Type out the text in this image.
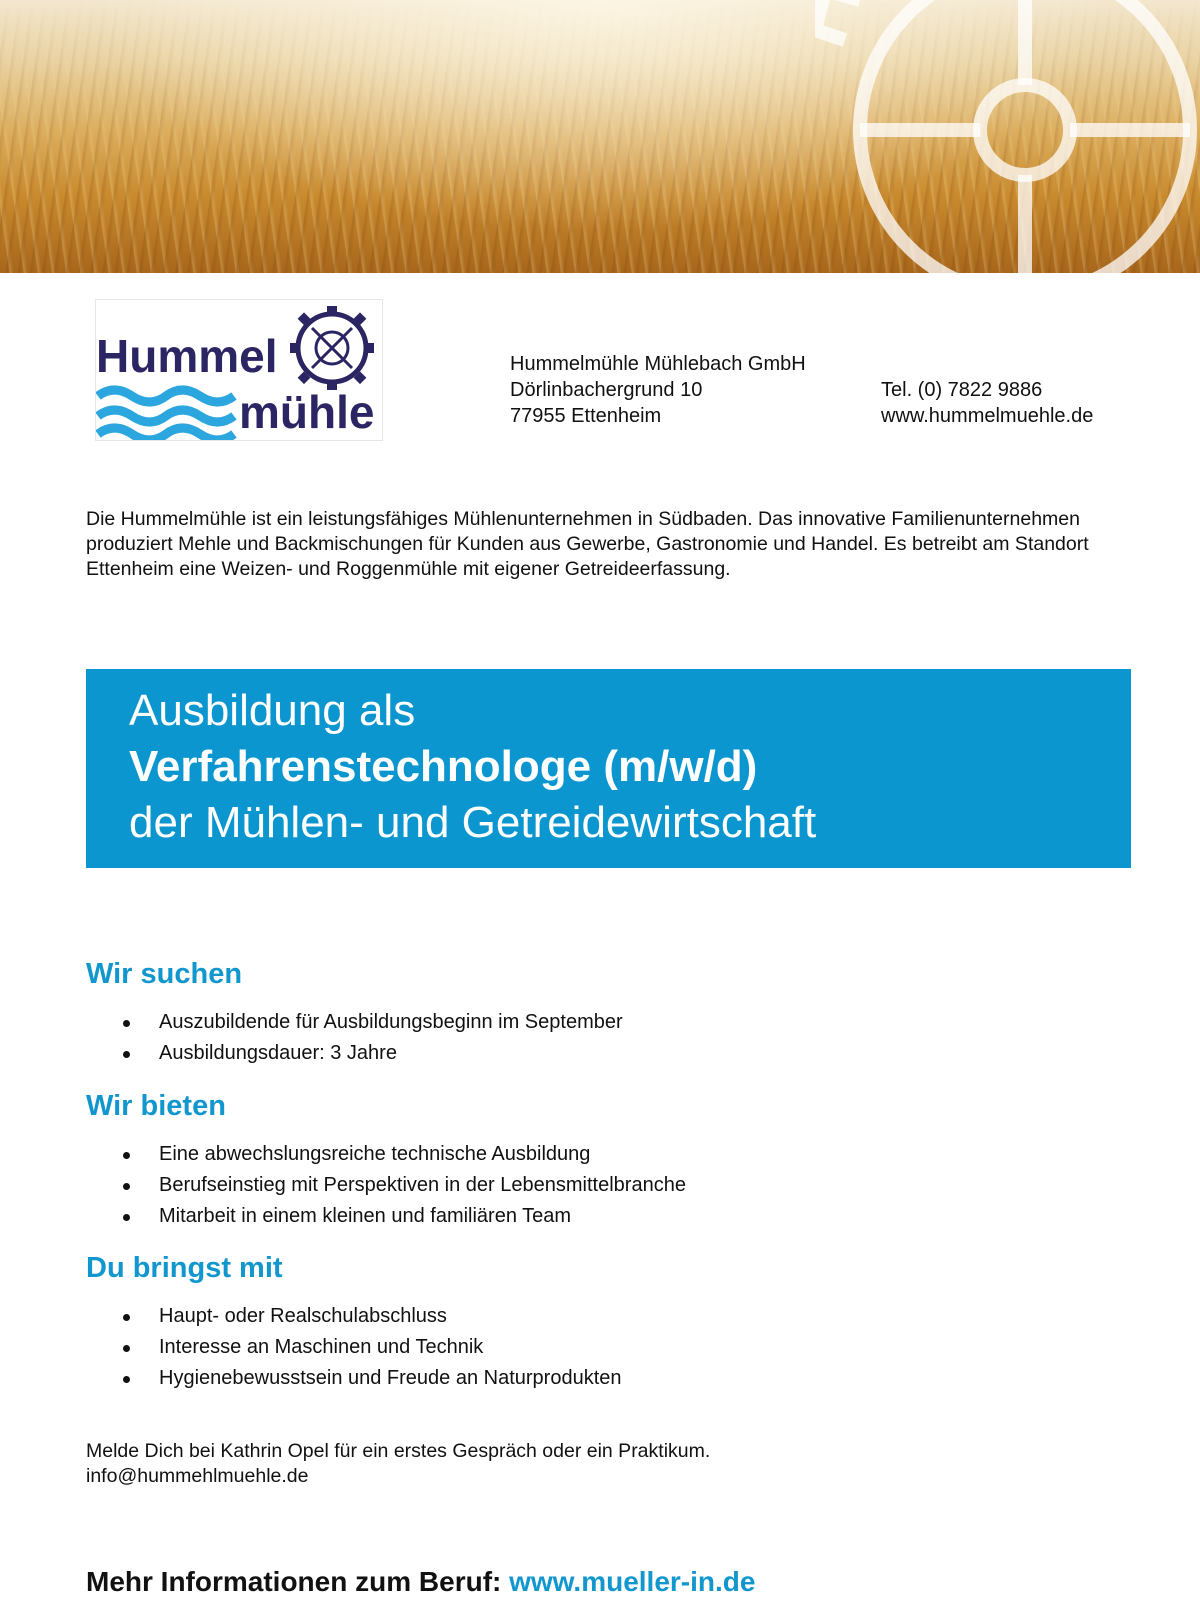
Hummel
mühle
Hummelmühle Mühlebach GmbH
Dörlinbachergrund 10
77955 Ettenheim
Tel. (0) 7822 9886
www.hummelmuehle.de
Die Hummelmühle ist ein leistungsfähiges Mühlenunternehmen in Südbaden. Das innovative Familienunternehmen produziert Mehle und Backmischungen für Kunden aus Gewerbe, Gastronomie und Handel. Es betreibt am Standort Ettenheim eine Weizen- und Roggenmühle mit eigener Getreideerfassung.
Ausbildung als
Verfahrenstechnologe (m/w/d)
der Mühlen- und Getreidewirtschaft
Wir suchen
Auszubildende für Ausbildungsbeginn im September
Ausbildungsdauer: 3 Jahre
Wir bieten
Eine abwechslungsreiche technische Ausbildung
Berufseinstieg mit Perspektiven in der Lebensmittelbranche
Mitarbeit in einem kleinen und familiären Team
Du bringst mit
Haupt- oder Realschulabschluss
Interesse an Maschinen und Technik
Hygienebewusstsein und Freude an Naturprodukten
Melde Dich bei Kathrin Opel für ein erstes Gespräch oder ein Praktikum.
info@hummehlmuehle.de
Mehr Informationen zum Beruf: www.mueller-in.de
